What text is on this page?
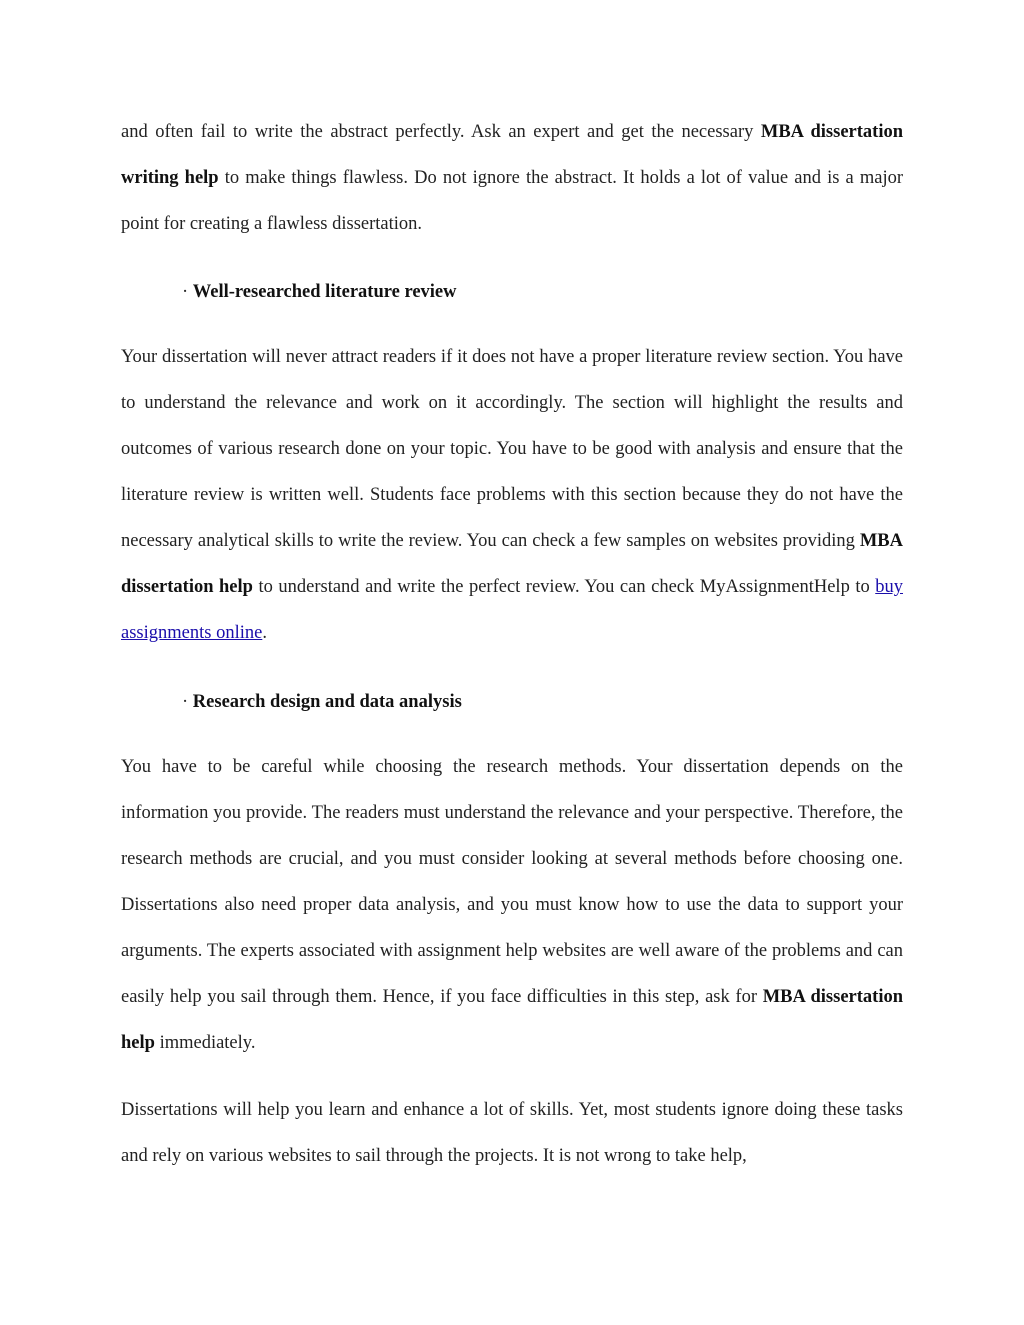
and often fail to write the abstract perfectly. Ask an expert and get the necessary MBA dissertation writing help to make things flawless. Do not ignore the abstract. It holds a lot of value and is a major point for creating a flawless dissertation.

· Well-researched literature review

Your dissertation will never attract readers if it does not have a proper literature review section. You have to understand the relevance and work on it accordingly. The section will highlight the results and outcomes of various research done on your topic. You have to be good with analysis and ensure that the literature review is written well. Students face problems with this section because they do not have the necessary analytical skills to write the review. You can check a few samples on websites providing MBA dissertation help to understand and write the perfect review. You can check MyAssignmentHelp to buy assignments online.

· Research design and data analysis

You have to be careful while choosing the research methods. Your dissertation depends on the information you provide. The readers must understand the relevance and your perspective. Therefore, the research methods are crucial, and you must consider looking at several methods before choosing one. Dissertations also need proper data analysis, and you must know how to use the data to support your arguments. The experts associated with assignment help websites are well aware of the problems and can easily help you sail through them. Hence, if you face difficulties in this step, ask for MBA dissertation help immediately.

Dissertations will help you learn and enhance a lot of skills. Yet, most students ignore doing these tasks and rely on various websites to sail through the projects. It is not wrong to take help,
